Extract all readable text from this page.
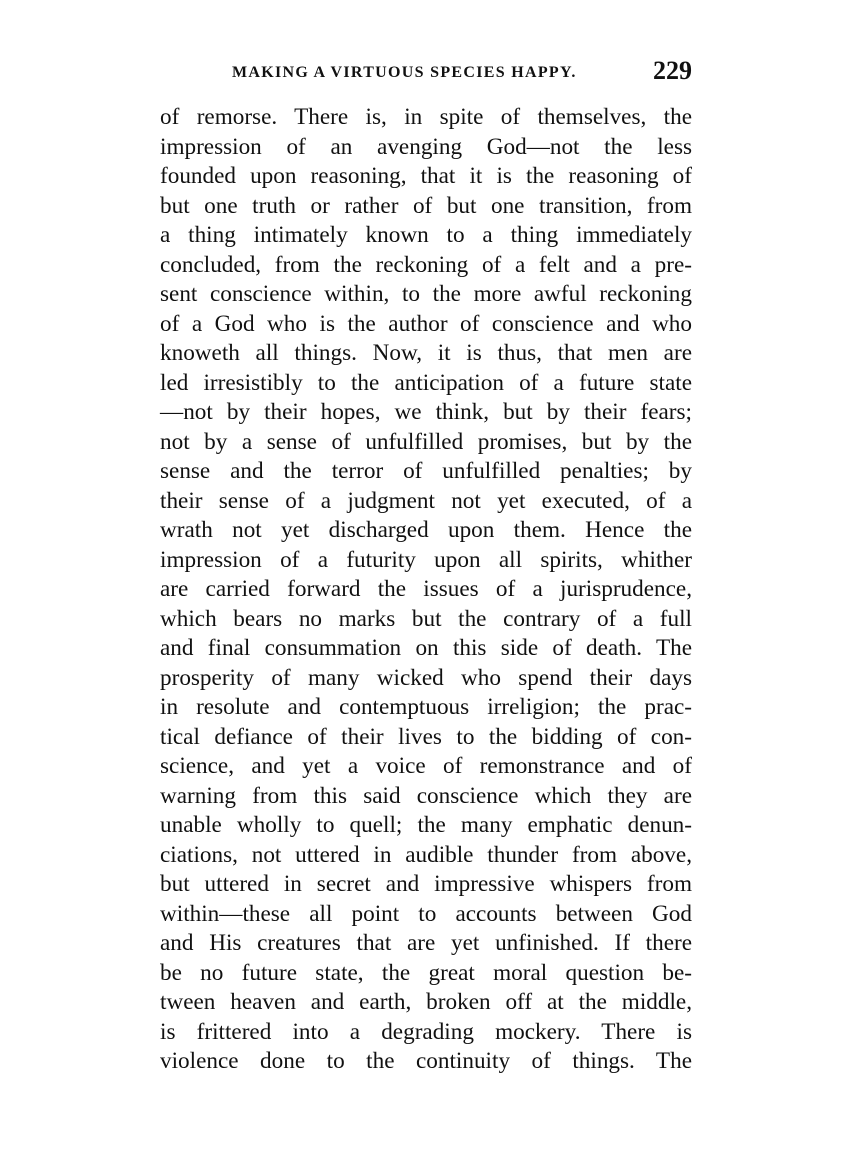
MAKING A VIRTUOUS SPECIES HAPPY.	229
of remorse. There is, in spite of themselves, the
impression of an avenging God—not the less
founded upon reasoning, that it is the reasoning of
but one truth or rather of but one transition, from
a thing intimately known to a thing immediately
concluded, from the reckoning of a felt and a pre-
sent conscience within, to the more awful reckoning
of a God who is the author of conscience and who
knoweth all things. Now, it is thus, that men are
led irresistibly to the anticipation of a future state
—not by their hopes, we think, but by their fears;
not by a sense of unfulfilled promises, but by the
sense and the terror of unfulfilled penalties; by
their sense of a judgment not yet executed, of a
wrath not yet discharged upon them. Hence the
impression of a futurity upon all spirits, whither
are carried forward the issues of a jurisprudence,
which bears no marks but the contrary of a full
and final consummation on this side of death. The
prosperity of many wicked who spend their days
in resolute and contemptuous irreligion; the prac-
tical defiance of their lives to the bidding of con-
science, and yet a voice of remonstrance and of
warning from this said conscience which they are
unable wholly to quell; the many emphatic denun-
ciations, not uttered in audible thunder from above,
but uttered in secret and impressive whispers from
within—these all point to accounts between God
and His creatures that are yet unfinished. If there
be no future state, the great moral question be-
tween heaven and earth, broken off at the middle,
is frittered into a degrading mockery. There is
violence done to the continuity of things. The
